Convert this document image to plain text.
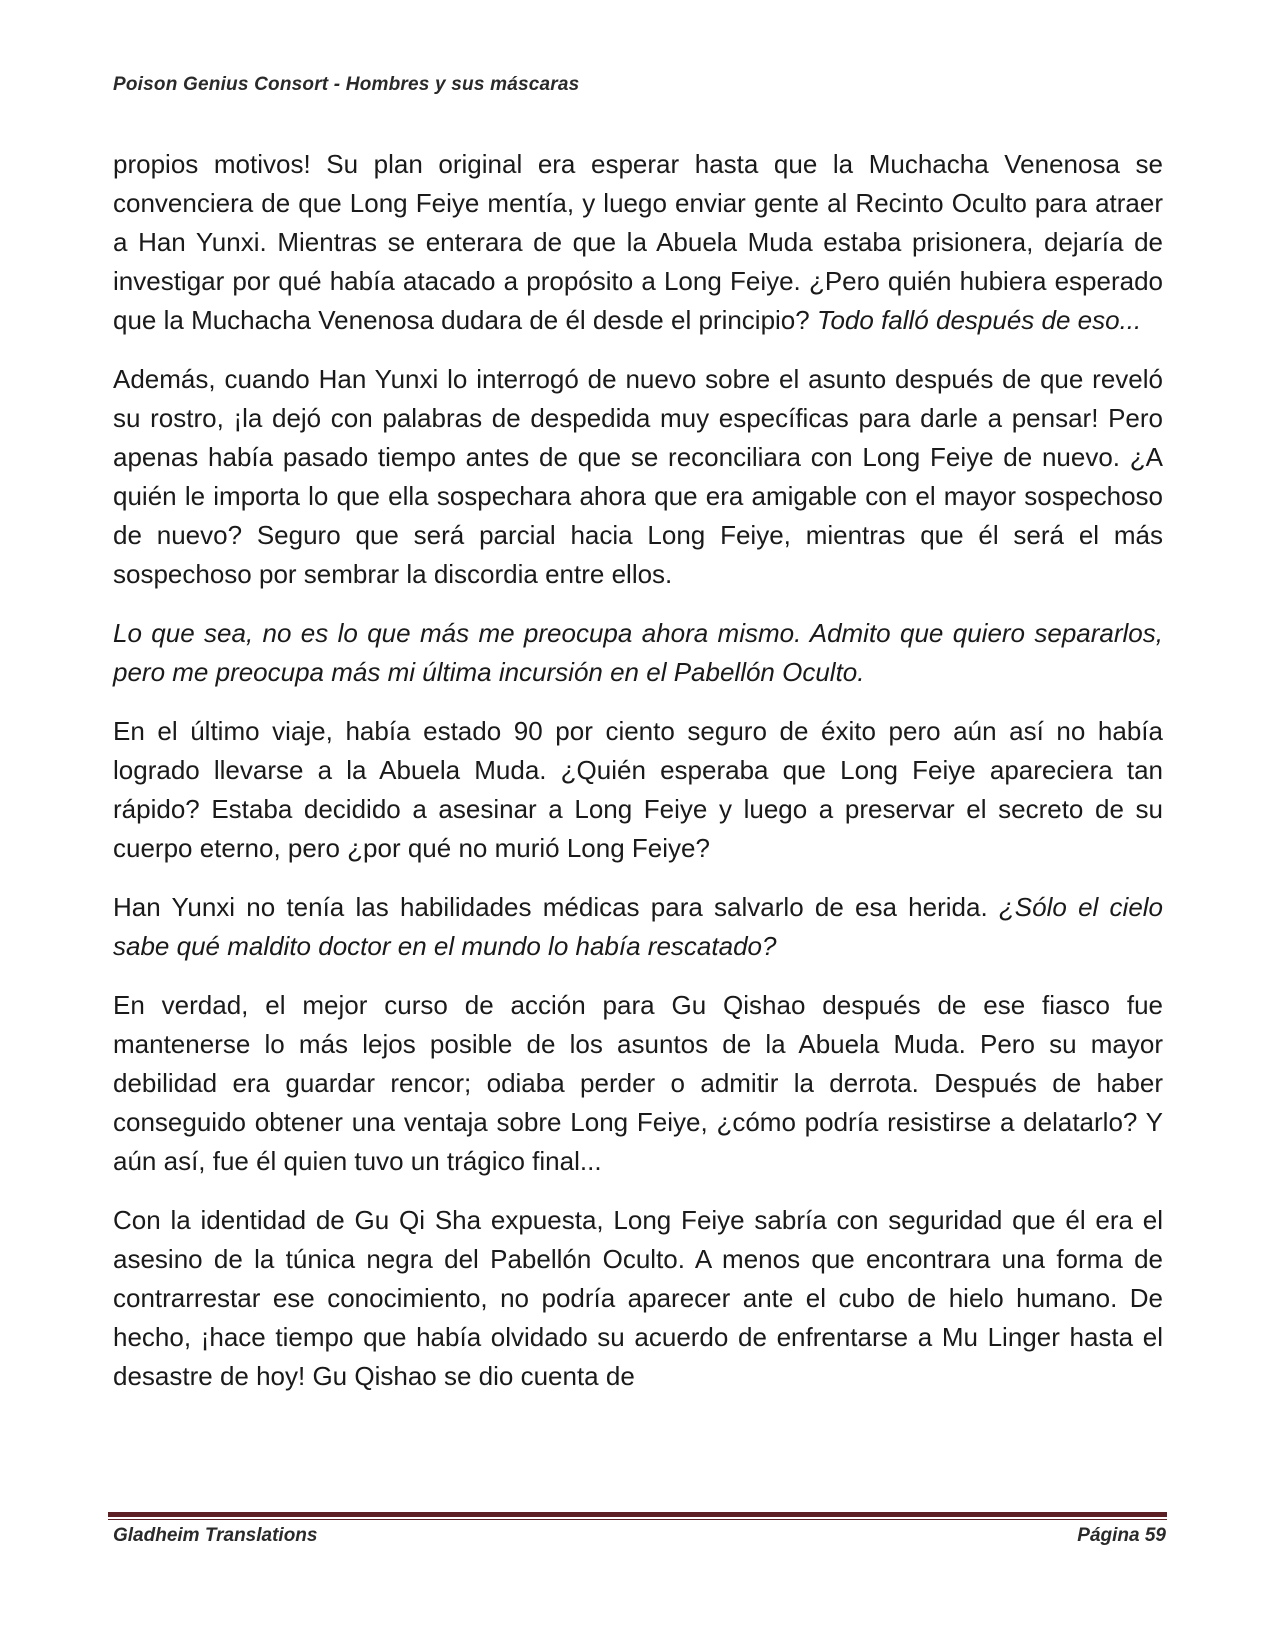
Poison Genius Consort - Hombres y sus máscaras

propios motivos! Su plan original era esperar hasta que la Muchacha Venenosa se convenciera de que Long Feiye mentía, y luego enviar gente al Recinto Oculto para atraer a Han Yunxi. Mientras se enterara de que la Abuela Muda estaba prisionera, dejaría de investigar por qué había atacado a propósito a Long Feiye. ¿Pero quién hubiera esperado que la Muchacha Venenosa dudara de él desde el principio? Todo falló después de eso...

Además, cuando Han Yunxi lo interrogó de nuevo sobre el asunto después de que reveló su rostro, ¡la dejó con palabras de despedida muy específicas para darle a pensar! Pero apenas había pasado tiempo antes de que se reconciliara con Long Feiye de nuevo. ¿A quién le importa lo que ella sospechara ahora que era amigable con el mayor sospechoso de nuevo? Seguro que será parcial hacia Long Feiye, mientras que él será el más sospechoso por sembrar la discordia entre ellos.

Lo que sea, no es lo que más me preocupa ahora mismo. Admito que quiero separarlos, pero me preocupa más mi última incursión en el Pabellón Oculto.

En el último viaje, había estado 90 por ciento seguro de éxito pero aún así no había logrado llevarse a la Abuela Muda. ¿Quién esperaba que Long Feiye apareciera tan rápido? Estaba decidido a asesinar a Long Feiye y luego a preservar el secreto de su cuerpo eterno, pero ¿por qué no murió Long Feiye?

Han Yunxi no tenía las habilidades médicas para salvarlo de esa herida. ¿Sólo el cielo sabe qué maldito doctor en el mundo lo había rescatado?

En verdad, el mejor curso de acción para Gu Qishao después de ese fiasco fue mantenerse lo más lejos posible de los asuntos de la Abuela Muda. Pero su mayor debilidad era guardar rencor; odiaba perder o admitir la derrota. Después de haber conseguido obtener una ventaja sobre Long Feiye, ¿cómo podría resistirse a delatarlo? Y aún así, fue él quien tuvo un trágico final...

Con la identidad de Gu Qi Sha expuesta, Long Feiye sabría con seguridad que él era el asesino de la túnica negra del Pabellón Oculto. A menos que encontrara una forma de contrarrestar ese conocimiento, no podría aparecer ante el cubo de hielo humano. De hecho, ¡hace tiempo que había olvidado su acuerdo de enfrentarse a Mu Linger hasta el desastre de hoy! Gu Qishao se dio cuenta de

Gladheim Translations	Página 59
